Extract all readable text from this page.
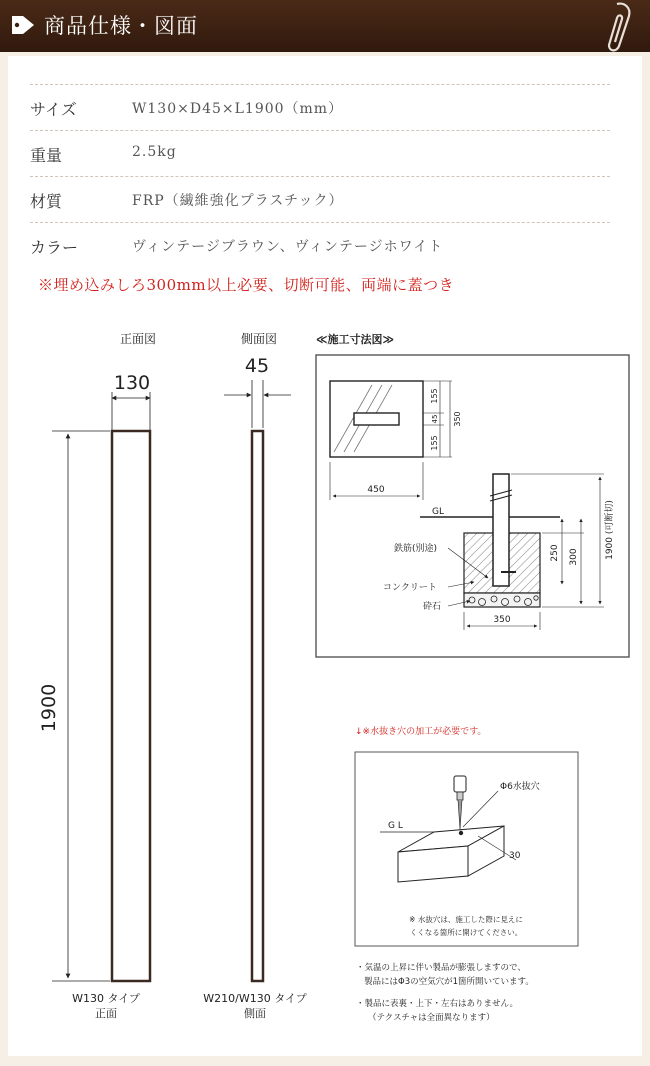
商品仕様・図面
サイズ	W130×D45×L1900（mm）
重量	2.5kg
材質	FRP（繊維強化プラスチック）
カラー	ヴィンテージブラウン、ヴィンテージホワイト
※埋め込みしろ300mm以上必要、切断可能、両端に蓋つき
正面図
130
1900
W130 タイプ
正面
側面図
45
W210/W130 タイプ
側面
≪施工寸法図≫
155
45
155
350
450
GL
250 300	1900 (可断切)
350
鉄筋(別途)
コンクリート
砕石
↓※水抜き穴の加工が必要です。
Φ6水抜穴
G L
30
※ 水抜穴は、施工した際に見えに
くくなる箇所に開けてください。
・気温の上昇に伴い製品が膨張しますので、
製品にはΦ3の空気穴が1箇所開いています。
・製品に表裏・上下・左右はありません。
（テクスチャは全面異なります）
